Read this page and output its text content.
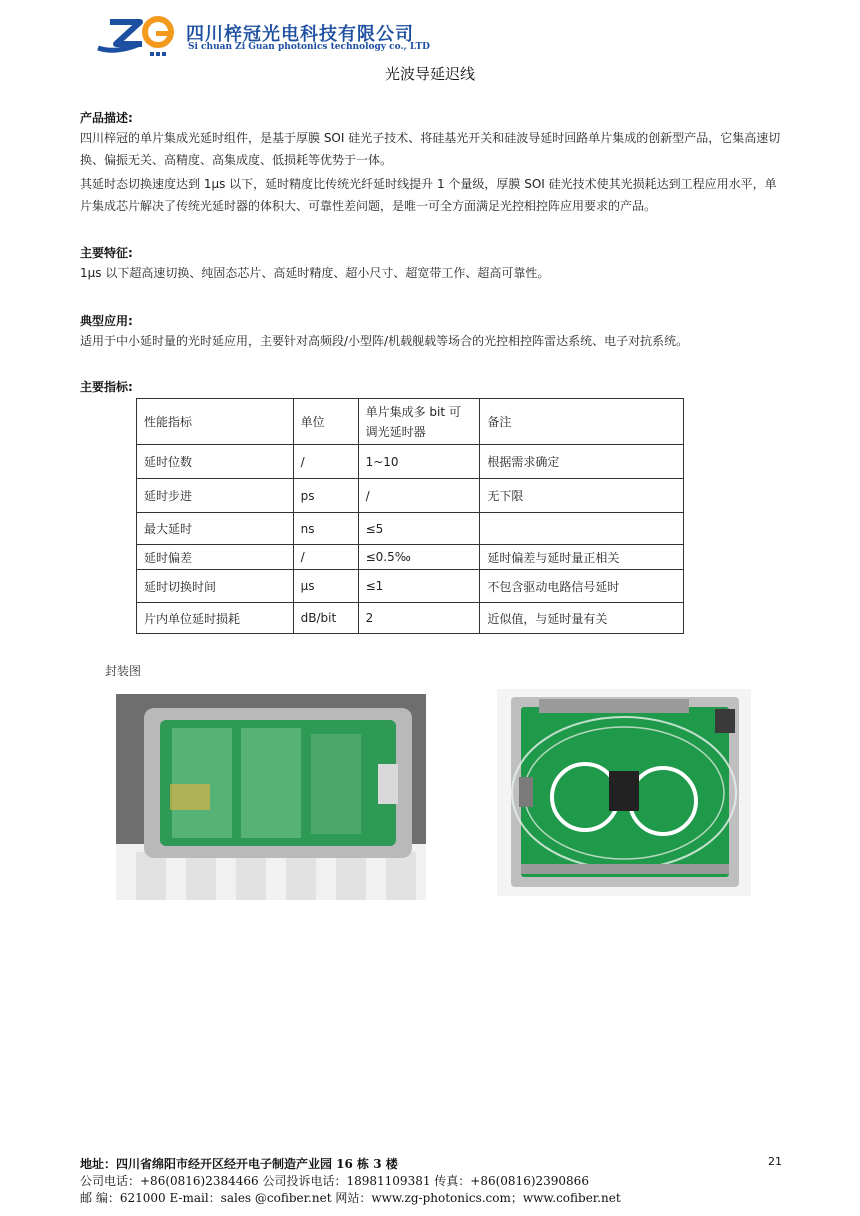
四川梓冠光电科技有限公司
Si chuan Zi Guan photonics technology co., LTD
光波导延迟线
产品描述:
四川梓冠的单片集成光延时组件，是基于厚膜 SOI 硅光子技术、将硅基光开关和硅波导延时回路单片集成的创新型产品，它集高速切换、偏振无关、高精度、高集成度、低损耗等优势于一体。
其延时态切换速度达到 1μs 以下，延时精度比传统光纤延时线提升 1 个量级，厚膜 SOI 硅光技术使其光损耗达到工程应用水平，单片集成芯片解决了传统光延时器的体积大、可靠性差问题，是唯一可全方面满足光控相控阵应用要求的产品。
主要特征:
1μs 以下超高速切换、纯固态芯片、高延时精度、超小尺寸、超宽带工作、超高可靠性。
典型应用:
适用于中小延时量的光时延应用，主要针对高频段/小型阵/机载舰载等场合的光控相控阵雷达系统、电子对抗系统。
主要指标:
性能指标	单位	单片集成多 bit 可调光延时器	备注
延时位数	/	1~10	根据需求确定
延时步进	ps	/	无下限
最大延时	ns	≤5	
延时偏差	/	≤0.5‰	延时偏差与延时量正相关
延时切换时间	μs	≤1	不包含驱动电路信号延时
片内单位延时损耗	dB/bit	2	近似值，与延时量有关
封装图
地址：四川省绵阳市经开区经开电子制造产业园 16 栋 3 楼
公司电话：+86(0816)2384466 公司投诉电话：18981109381 传真：+86(0816)2390866
邮 编：621000 E-mail：sales @cofiber.net 网站：www.zg-photonics.com；www.cofiber.net
21
